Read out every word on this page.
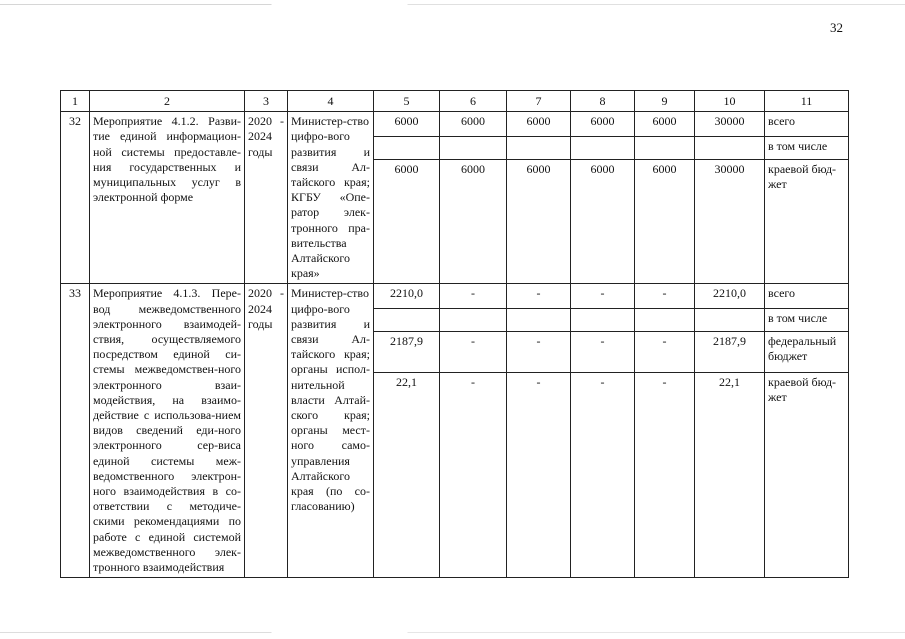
32
1	2	3	4	5	6	7	8	9	10	11
32	Мероприятие 4.1.2. Разви-тие единой информацион-ной системы предоставле-ния государственных и муниципальных услуг в электронной форме	2020 - 2024 годы	Министер-ство цифро-вого развития и связи Ал-тайского края; КГБУ «Опе-ратор элек-тронного пра-вительства Алтайского края»	6000	6000	6000	6000	6000	30000	всего
										в том числе
				6000	6000	6000	6000	6000	30000	краевой бюд-жет
33	Мероприятие 4.1.3. Пере-вод межведомственного электронного взаимодей-ствия, осуществляемого посредством единой си-стемы межведомствен-ного электронного взаи-модействия, на взаимо-действие с использова-нием видов сведений еди-ного электронного сер-виса единой системы меж-ведомственного электрон-ного взаимодействия в со-ответствии с методиче-скими рекомендациями по работе с единой системой межведомственного элек-тронного взаимодействия	2020 - 2024 годы	Министер-ство цифро-вого развития и связи Ал-тайского края; органы испол-нительной власти Алтай-ского края; органы мест-ного само-управления Алтайского края (по со-гласованию)	2210,0	-	-	-	-	2210,0	всего
										в том числе
				2187,9	-	-	-	-	2187,9	федеральный бюджет
				22,1	-	-	-	-	22,1	краевой бюд-жет
